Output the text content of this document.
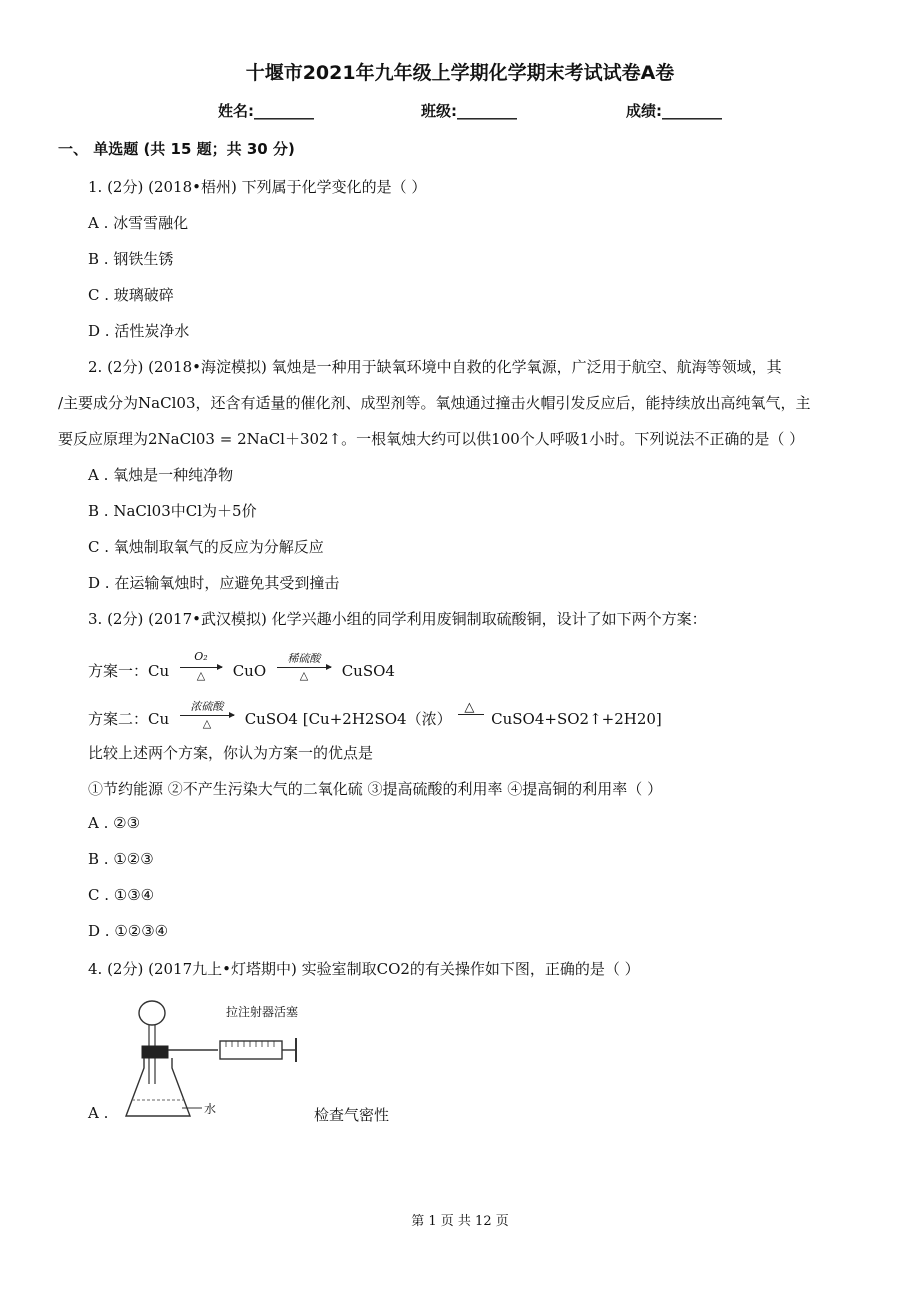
十堰市2021年九年级上学期化学期末考试试卷A卷
姓名:________	班级:________	成绩:________
一、 单选题 (共 15 题；共 30 分)
1. (2分) (2018•梧州) 下列属于化学变化的是（ ）
A . 冰雪雪融化
B . 钢铁生锈
C . 玻璃破碎
D . 活性炭净水
2. (2分) (2018•海淀模拟) 氧烛是一种用于缺氧环境中自救的化学氧源，广泛用于航空、航海等领域，其
/主要成分为NaCl03，还含有适量的催化剂、成型剂等。氧烛通过撞击火帽引发反应后，能持续放出高纯氧气，主
要反应原理为2NaCl03 = 2NaCl＋302↑。一根氧烛大约可以供100个人呼吸1小时。下列说法不正确的是（ ）
A . 氧烛是一种纯净物
B . NaCl03中Cl为＋5价
C . 氧烛制取氧气的反应为分解反应
D . 在运输氧烛时，应避免其受到撞击
3. (2分) (2017•武汉模拟) 化学兴趣小组的同学利用废铜制取硫酸铜，设计了如下两个方案：
方案一：Cu
O₂
△	CuO
稀硫酸
△	CuSO4
方案二：Cu
浓硫酸
△	CuSO4 [Cu+2H2SO4（浓）
△
CuSO4+SO2↑+2H20]
比较上述两个方案，你认为方案一的优点是
①节约能源 ②不产生污染大气的二氧化硫 ③提高硫酸的利用率 ④提高铜的利用率（ ）
A . ②③
B . ①②③
C . ①③④
D . ①②③④
4. (2分) (2017九上•灯塔期中) 实验室制取CO2的有关操作如下图，正确的是（ ）
拉注射器活塞
水
A .	检查气密性
第 1 页 共 12 页
